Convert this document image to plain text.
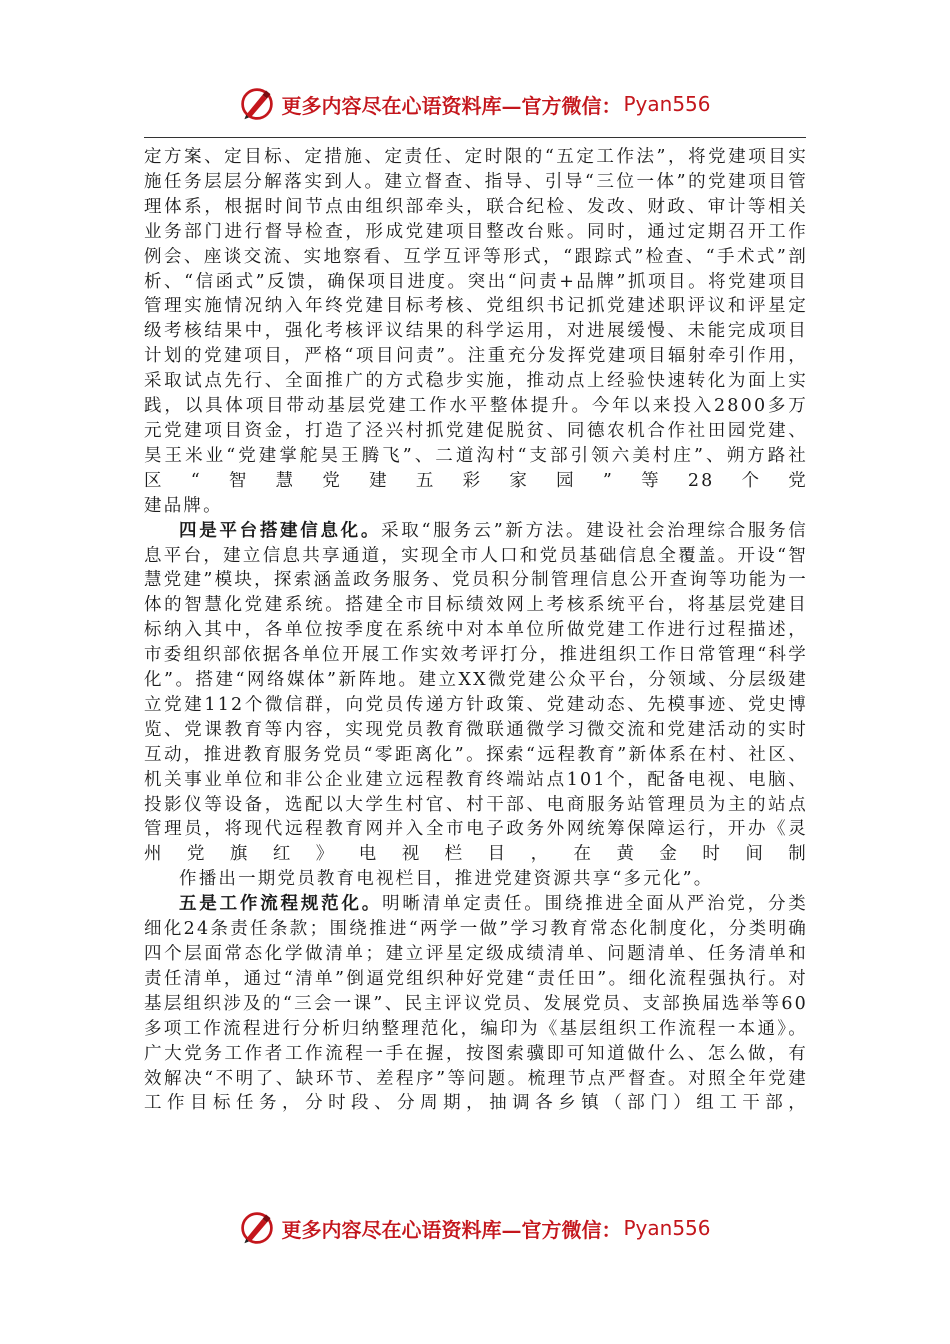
更多内容尽在心语资料库—官方微信： Pyan556

定方案、定目标、定措施、定责任、定时限的“五定工作法”，将党建项目实施任务层层分解落实到人。建立督查、指导、引导“三位一体”的党建项目管理体系，根据时间节点由组织部牵头，联合纪检、发改、财政、审计等相关业务部门进行督导检查，形成党建项目整改台账。同时，通过定期召开工作例会、座谈交流、实地察看、互学互评等形式，“跟踪式”检查、“手术式”剖析、“信函式”反馈，确保项目进度。突出“问责+品牌”抓项目。将党建项目管理实施情况纳入年终党建目标考核、党组织书记抓党建述职评议和评星定级考核结果中，强化考核评议结果的科学运用，对进展缓慢、未能完成项目计划的党建项目，严格“项目问责”。注重充分发挥党建项目辐射牵引作用，采取试点先行、全面推广的方式稳步实施，推动点上经验快速转化为面上实践，以具体项目带动基层党建工作水平整体提升。今年以来投入2800多万元党建项目资金，打造了泾兴村抓党建促脱贫、同德农机合作社田园党建、昊王米业“党建掌舵昊王腾飞”、二道沟村“支部引领六美村庄”、朔方路社区“智慧党建五彩家园”等28个党
建品牌。

四是平台搭建信息化。采取“服务云”新方法。建设社会治理综合服务信息平台，建立信息共享通道，实现全市人口和党员基础信息全覆盖。开设“智慧党建”模块，探索涵盖政务服务、党员积分制管理信息公开查询等功能为一体的智慧化党建系统。搭建全市目标绩效网上考核系统平台，将基层党建目标纳入其中，各单位按季度在系统中对本单位所做党建工作进行过程描述，市委组织部依据各单位开展工作实效考评打分，推进组织工作日常管理“科学化”。搭建“网络媒体”新阵地。建立XX微党建公众平台，分领域、分层级建立党建112个微信群，向党员传递方针政策、党建动态、先模事迹、党史博览、党课教育等内容，实现党员教育微联通微学习微交流和党建活动的实时互动，推进教育服务党员“零距离化”。探索“远程教育”新体系在村、社区、机关事业单位和非公企业建立远程教育终端站点101个，配备电视、电脑、投影仪等设备，选配以大学生村官、村干部、电商服务站管理员为主的站点管理员，将现代远程教育网并入全市电子政务外网统筹保障运行，开办《灵州党旗红》电视栏目，在黄金时间制
作播出一期党员教育电视栏目，推进党建资源共享“多元化”。

五是工作流程规范化。明晰清单定责任。围绕推进全面从严治党，分类细化24条责任条款；围绕推进“两学一做”学习教育常态化制度化，分类明确四个层面常态化学做清单；建立评星定级成绩清单、问题清单、任务清单和责任清单，通过“清单”倒逼党组织种好党建“责任田”。细化流程强执行。对基层组织涉及的“三会一课”、民主评议党员、发展党员、支部换届选举等60多项工作流程进行分析归纳整理范化，编印为《基层组织工作流程一本通》。广大党务工作者工作流程一手在握，按图索骥即可知道做什么、怎么做，有效解决“不明了、缺环节、差程序”等问题。梳理节点严督查。对照全年党建工作目标任务，分时段、分周期，抽调各乡镇（部门）组工干部，

更多内容尽在心语资料库—官方微信： Pyan556
